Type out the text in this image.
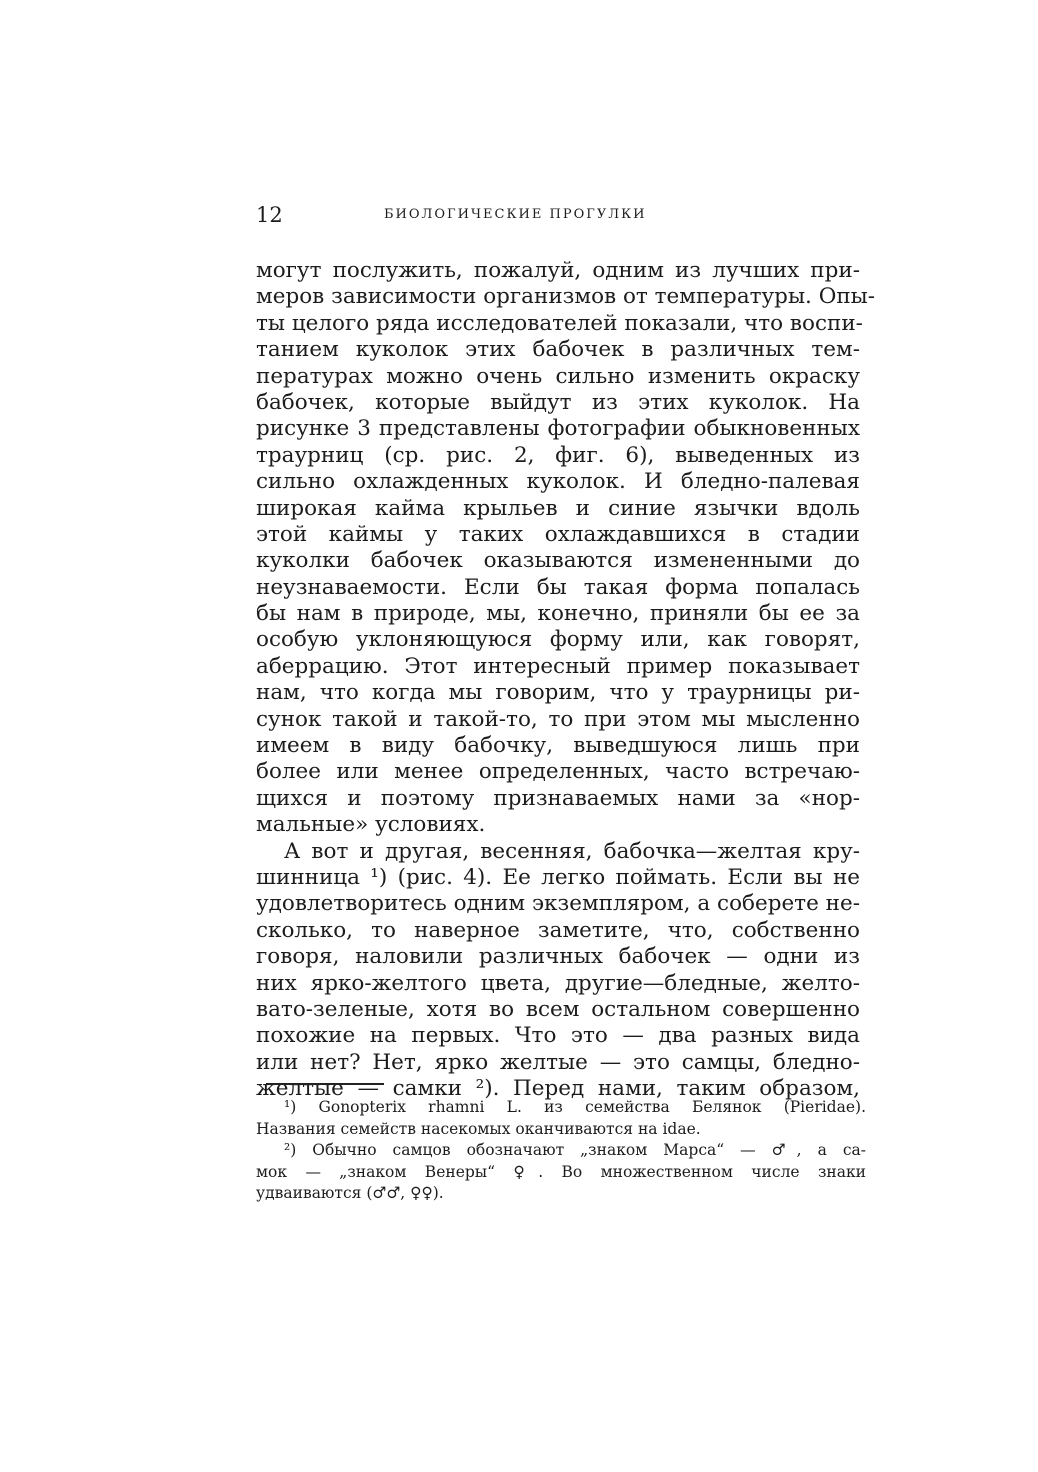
12	БИОЛОГИЧЕСКИЕ ПРОГУЛКИ
могут послужить, пожалуй, одним из лучших при-
меров зависимости организмов от температуры. Опы-
ты целого ряда исследователей показали, что воспи-
танием куколок этих бабочек в различных тем-
пературах можно очень сильно изменить окраску
бабочек, которые выйдут из этих куколок. На
рисунке 3 представлены фотографии обыкновенных
траурниц (ср. рис. 2, фиг. 6), выведенных из
сильно охлажденных куколок. И бледно-палевая
широкая кайма крыльев и синие язычки вдоль
этой каймы у таких охлаждавшихся в стадии
куколки бабочек оказываются измененными до
неузнаваемости. Если бы такая форма попалась
бы нам в природе, мы, конечно, приняли бы ее за
особую уклоняющуюся форму или, как говорят,
аберрацию. Этот интересный пример показывает
нам, что когда мы говорим, что у траурницы ри-
сунок такой и такой-то, то при этом мы мысленно
имеем в виду бабочку, выведшуюся лишь при
более или менее определенных, часто встречаю-
щихся и поэтому признаваемых нами за «нор-
мальные» условиях.
А вот и другая, весенняя, бабочка—желтая кру-
шинница ¹) (рис. 4). Ее легко поймать. Если вы не
удовлетворитесь одним экземпляром, а соберете не-
сколько, то наверное заметите, что, собственно
говоря, наловили различных бабочек — одни из
них ярко-желтого цвета, другие—бледные, желто-
вато-зеленые, хотя во всем остальном совершенно
похожие на первых. Что это — два разных вида
или нет? Нет, ярко желтые — это самцы, бледно-
желтые — самки ²). Перед нами, таким образом,
¹) Gonopterix rhamni L. из семейства Белянок (Pieridae).
Названия семейств насекомых оканчиваются на idae.
²) Обычно самцов обозначают „знаком Марса“ — ♂, а са-
мок — „знаком Венеры“ ♀. Во множественном числе знаки
удваиваются (♂♂, ♀♀).
